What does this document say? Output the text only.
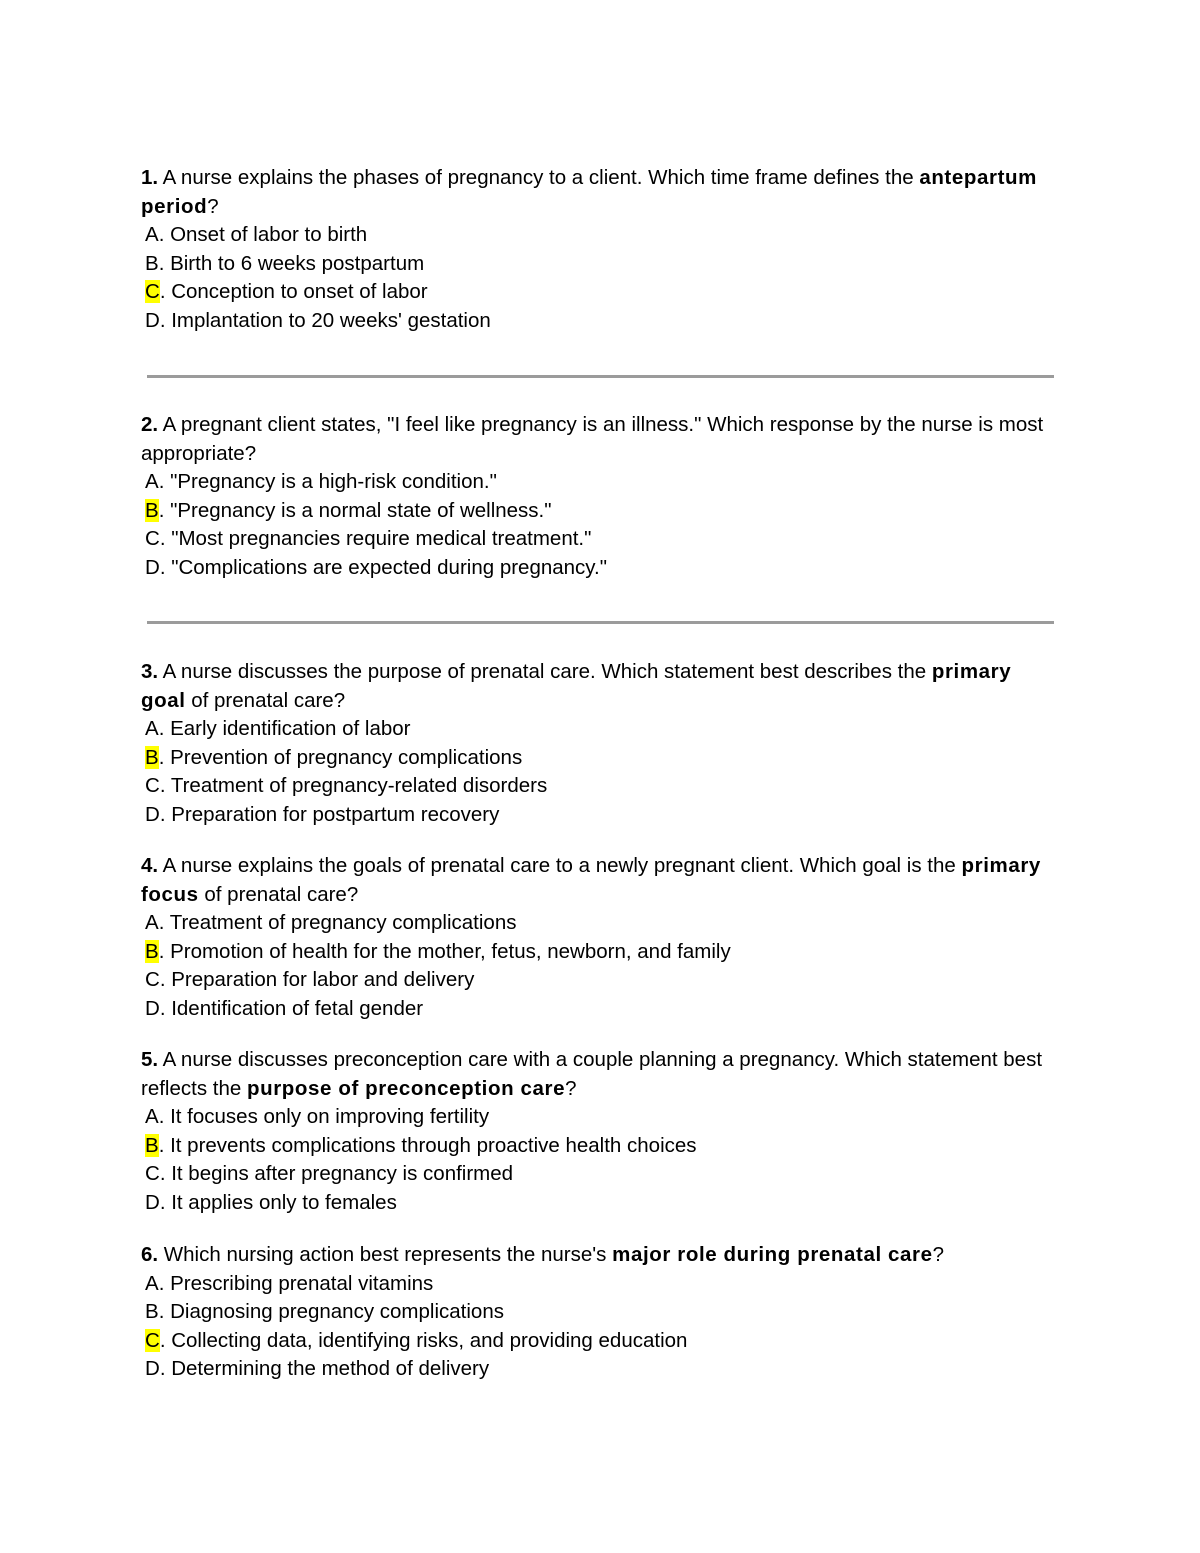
1. A nurse explains the phases of pregnancy to a client. Which time frame defines the antepartum period?

A. Onset of labor to birth
B. Birth to 6 weeks postpartum
C. Conception to onset of labor
D. Implantation to 20 weeks' gestation

2. A pregnant client states, "I feel like pregnancy is an illness." Which response by the nurse is most appropriate?

A. "Pregnancy is a high-risk condition."
B. "Pregnancy is a normal state of wellness."
C. "Most pregnancies require medical treatment."
D. "Complications are expected during pregnancy."

3. A nurse discusses the purpose of prenatal care. Which statement best describes the primary goal of prenatal care?

A. Early identification of labor
B. Prevention of pregnancy complications
C. Treatment of pregnancy-related disorders
D. Preparation for postpartum recovery

4. A nurse explains the goals of prenatal care to a newly pregnant client. Which goal is the primary focus of prenatal care?

A. Treatment of pregnancy complications
B. Promotion of health for the mother, fetus, newborn, and family
C. Preparation for labor and delivery
D. Identification of fetal gender

5. A nurse discusses preconception care with a couple planning a pregnancy. Which statement best reflects the purpose of preconception care?

A. It focuses only on improving fertility
B. It prevents complications through proactive health choices
C. It begins after pregnancy is confirmed
D. It applies only to females

6. Which nursing action best represents the nurse's major role during prenatal care?

A. Prescribing prenatal vitamins
B. Diagnosing pregnancy complications
C. Collecting data, identifying risks, and providing education
D. Determining the method of delivery
